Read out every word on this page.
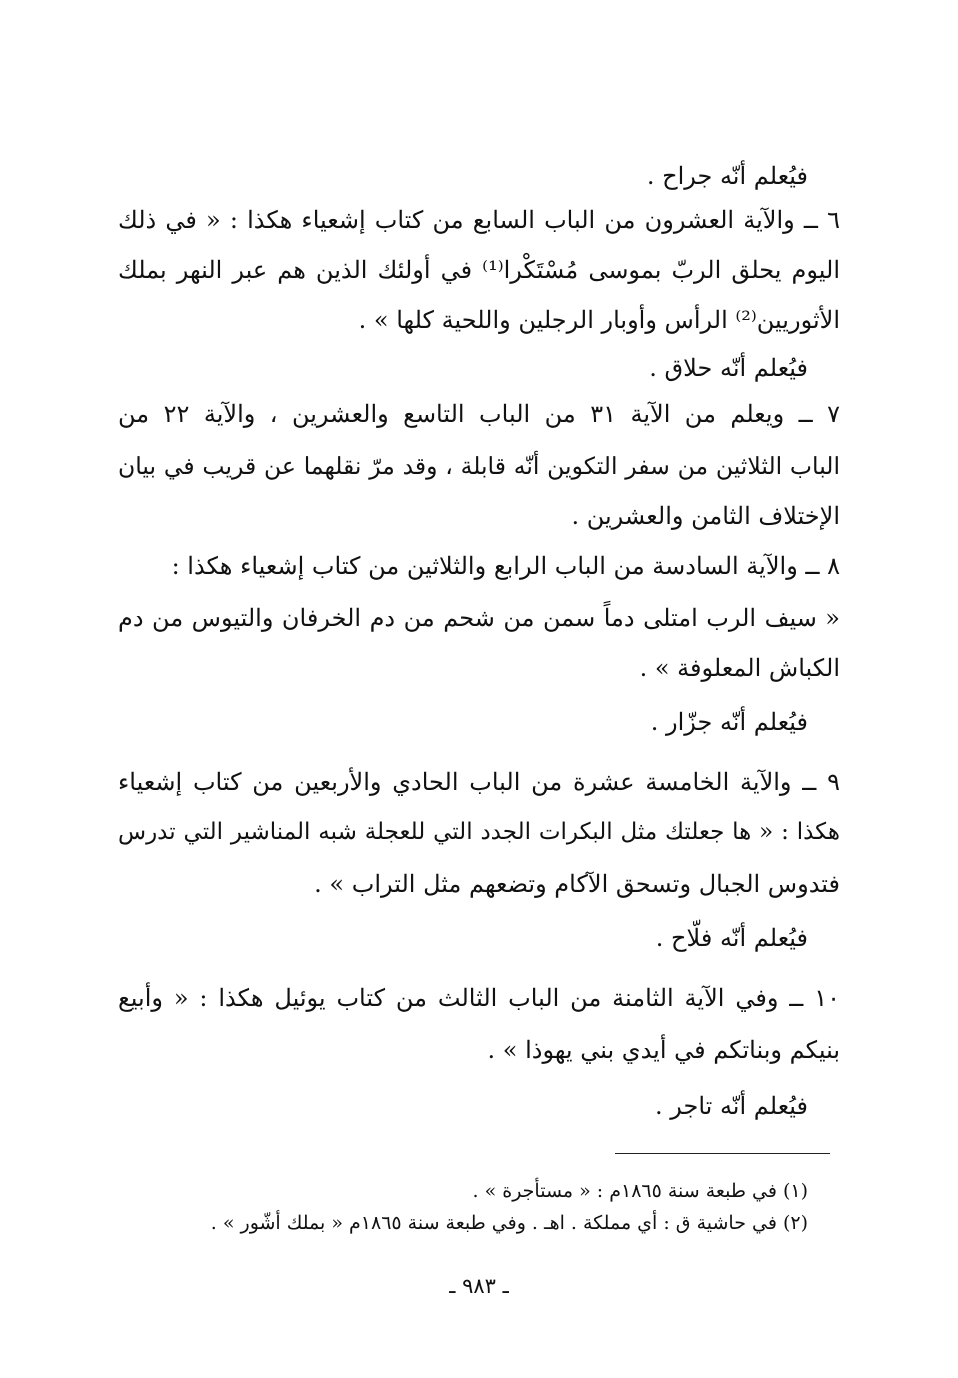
فيُعلم أنّه جراح .
٦ ــ والآية العشرون من الباب السابع من كتاب إشعياء هكذا : « في ذلك
اليوم يحلق الربّ بموسى مُسْتَكْرا⁽¹⁾ في أولئك الذين هم عبر النهر بملك
الأثوريين⁽²⁾ الرأس وأوبار الرجلين واللحية كلها » .
فيُعلم أنّه حلاق .
٧ ــ ويعلم من الآية ٣١ من الباب التاسع والعشرين ، والآية ٢٢ من
الباب الثلاثين من سفر التكوين أنّه قابلة ، وقد مرّ نقلهما عن قريب في بيان
الإختلاف الثامن والعشرين .
٨ ــ والآية السادسة من الباب الرابع والثلاثين من كتاب إشعياء هكذا :
« سيف الرب امتلى دماً سمن من شحم من دم الخرفان والتيوس من دم
الكباش المعلوفة » .
فيُعلم أنّه جزّار .
٩ ــ والآية الخامسة عشرة من الباب الحادي والأربعين من كتاب إشعياء
هكذا : « ها جعلتك مثل البكرات الجدد التي للعجلة شبه المناشير التي تدرس
فتدوس الجبال وتسحق الآكام وتضعهم مثل التراب » .
فيُعلم أنّه فلّاح .
١٠ ــ وفي الآية الثامنة من الباب الثالث من كتاب يوئيل هكذا : « وأبيع
بنيكم وبناتكم في أيدي بني يهوذا » .
فيُعلم أنّه تاجر .
(١) في طبعة سنة ١٨٦٥م : « مستأجرة » .
(٢) في حاشية ق : أي مملكة . اهـ . وفي طبعة سنة ١٨٦٥م « بملك أشّور » .
ـ ٩٨٣ ـ
